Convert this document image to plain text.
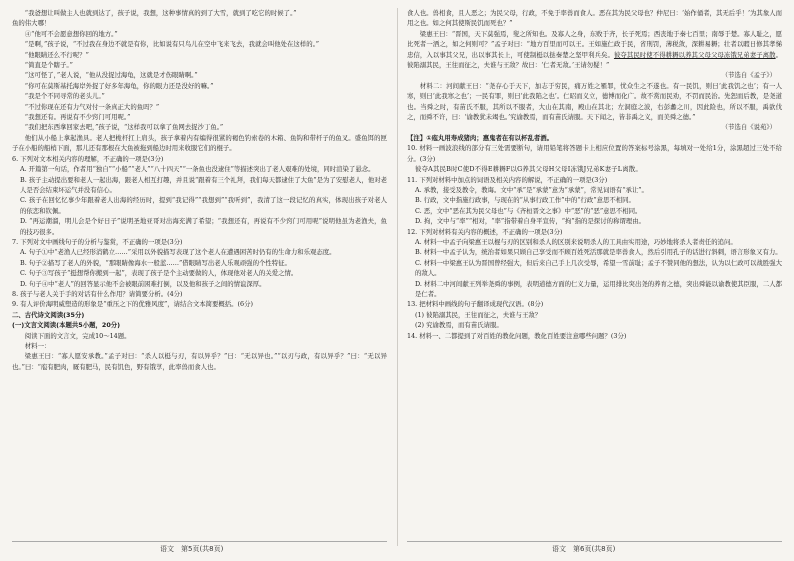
“我爸想让叫做主人也就到达了，孩子说，我想，这种事情真的到了大雪，就到了吃它的时候了。”

鱼的伟大哪！

④“他可不会愿意想你回的地方。”

“是啊，”孩子说，“不过我在身边不就是有你，比如说有只鸟儿在空中飞来飞去，我就会叫他处在这样的。”

“他眼睛还么不行呢？”

“简直是个瞎子。”

“这可怪了，”老人说，“他从没捉过海龟，这就是才伤眼睛啊。”

“你可在莫斯基托海岸外捉了好多年海龟，你的眼力还是没好的嘛。”

“我是个不同寻常的老头儿。”

“不过你现在还有力气对付一条真正大的鱼吗？”

“我想还有。再说有不少窍门可用呢。”

“我们把东西拿回家去吧，”孩子说，“这样我可以拿了鱼网去捉沙丁鱼。”

他们从小船上拿起渔具。老人把桅杆扛上肩头，孩子拿着内有编得很紧的褐色钓索卷的木箱、鱼钩和带杆子的鱼叉。盛鱼饵的匣子在小船的船梢下面，那儿还有那根在大鱼被拖到船边时用来收服它们的棍子。

6. 下列对文本相关内容的理解，不正确的一项是(3分)

A. 开篇第一句话，作者用“独自”“小船”“老人”“八十四天”“一条鱼也没逮住”等描述突出了老人艰难的处境，同时渲染了悬念。

B. 孩子主动提出要和老人一起出海，跟老人相互打趣，并且说“跟着有三个礼拜，我们每天都逮住了大鱼”是为了安慰老人，他对老人是否会结束坏运气并没有信心。

C. 孩子在回忆忆事少年跟着老人出海的经历时，提到“我记得”“我想到”“我听到”，我清了这一段记忆的真实，体现出孩子对老人的依恋和钦佩。

D. “再运潮溜，明儿会是个好日子”说明圣地亚哥对出海充满了希望；“我想还有，再说有不少窍门可用呢”说明他虽为老渔夫，鱼的技巧很多。

7. 下列对文中画线句子的分析与鉴赏，不正确的一项是(3分)

A. 句子①中“老渔人已经形消鹤立……”采用以外貌描写表现了这个老人在遭遇困苦时仍有的生命力和乐观态度。

B. 句子②描写了老人的外貌，“那眼睛像海水一般蓝……”借眼睛写出老人乐观顽强的个性特征。

C. 句子③写孩子“挺想帮你搬到一起”，表现了孩子是个主动要做的人，体现他对老人的关爱之情。

D. 句子④中“老人”的回答显示他不会被眼前困难打倒，以及他和孩子之间的情谊深厚。

8. 孩子与老人关于手的对话有什么作用？请简要分析。(4分)

9. 有人评价海明威塑造的形象是“重压之下的优雅风度”，请结合文本简要概括。(6分)

二、古代诗文阅读(35分)

(一)文言文阅读(本题共5小题，20分)

阅读下面的文言文，完成10～14题。

材料一：

梁惠王曰：“寡人愿安承教。”孟子对曰：“杀人以梃与刃，有以异乎？”曰：“无以异也。”“以刃与政，有以异乎？”曰：“无以异也。”曰：“庖有肥肉，厩有肥马，民有饥色，野有饿莩，此率兽而食人也。

食人也。兽相食，且人恶之；为民父母，行政，不免于率兽而食人。恶在其为民父母也？仲尼曰：‘始作俑者，其无后乎！’为其象人而用之也。如之何其使斯民饥而死也？”

梁惠王曰：“晋国，天下莫强焉，叟之所知也。及寡人之身，东败于齐，长子死焉；西丧地于秦七百里；南辱于楚。寡人耻之，愿比死者一洒之，如之何则可？”孟子对曰：“地方百里而可以王。王如施仁政于民，省刑罚，薄税敛，深耕易耨；壮者以暇日修其孝悌忠信，入以事其父兄，出以事其长上，可使制梃以挞秦楚之坚甲利兵矣。彼夺其民时使不得耕耨以养其父母父母冻饿兄弟妻子离散。彼陷溺其民，王往而征之，夫谁与王敌？故曰：‘仁者无敌。’王请勿疑！”

（节选自《孟子》）

材料二：河间献王曰：“尧存心于天下，加志于穷民，痛万姓之罹罪，忧众生之不遂也。有一民饥，则曰‘此我饥之也’；有一人寒，则曰‘此我寒之也’；一民有罪，则曰‘此我陷之也’。仁昭而义立，德博而化广。故不赏而民劝，不罚而民治。先恕而后教，是尧道也。当舜之时，有苗氏不服，其所以不服者，大山在其南，殿山在其北；左洞庭之波，右彭蠡之川，因此险也，所以不服，禹欲伐之，而舜不许，曰：‘谕教犹未竭也。’究谕教焉，而有苗氏请服。天下闻之，皆非禹之义，而美舜之德。”

（节选自《说苑》）

【注】①庖丸用寿成猪肉；惠鬼者在有以杯乱者酒。

10. 材料一画波浪线的部分有三处需要断句，请用铅笔将答题卡上相应位置的答案标号涂黑，每填对一处给1分，涂黑超过三处不给分。(3分)

彼夺A其民B时C使D不得E耕耨F以G养其父母H父母I冻饿J兄弟K妻子L离散。

11. 下列对材料中加点的词语及相关内容的解说，不正确的一项是(3分)

A. 承教，接受及教令，教诲。文中“承”是“承蒙”意为“承蒙”，常见词语有“承让”。

B. 行政，文中指施行政事，与现在的“从事行政工作”中的“行政”意思不相同。

C. 恶，文中“恶在其为民父母也”与《齐桓晋文之事》中“恶”的“恶”意思不相同。

D. 拘，文中与“率”“相对，“率”指带着自身平宣传，“拘”指的是探讨的称谓理由。

12. 下列对材料有关内容的概述，不正确的一项是(3分)

A. 材料一中孟子向梁惠王以棍与刃的区别和杀人的区别来说明杀人的工具由实用途，巧妙地将杀人者责任的追问。

B. 材料一中孟子认为，统治者如果只顾自己享受而不顾百姓死活那就是率兽食人，然后引用孔子的话进行斜刺，语言形象又有力。

C. 材料一中梁惠王认为晋国曾经强大，但后来自己手上几次受辱，希望一雪前耻；孟子不赞同他的想法，认为以仁政可以战胜强大的敌人。

D. 材料二中河间献王列举尧舜的事例，表明道德方面的仁义力量，运用排比突出尧的养育之德，突出舜能以谕教使其臣服，二人都是仁者。

13. 把材料中画线的句子翻译成现代汉语。(8分)

(1) 彼陷溺其民，王往而征之，夫谁与王敌？

(2) 究谕教焉，而有苗氏请服。

14. 材料一、二都提到了对百姓的教化问题，教化百姓要注意哪些问题？(3分)

语文　第5页(共8页)	语文　第6页(共8页)
